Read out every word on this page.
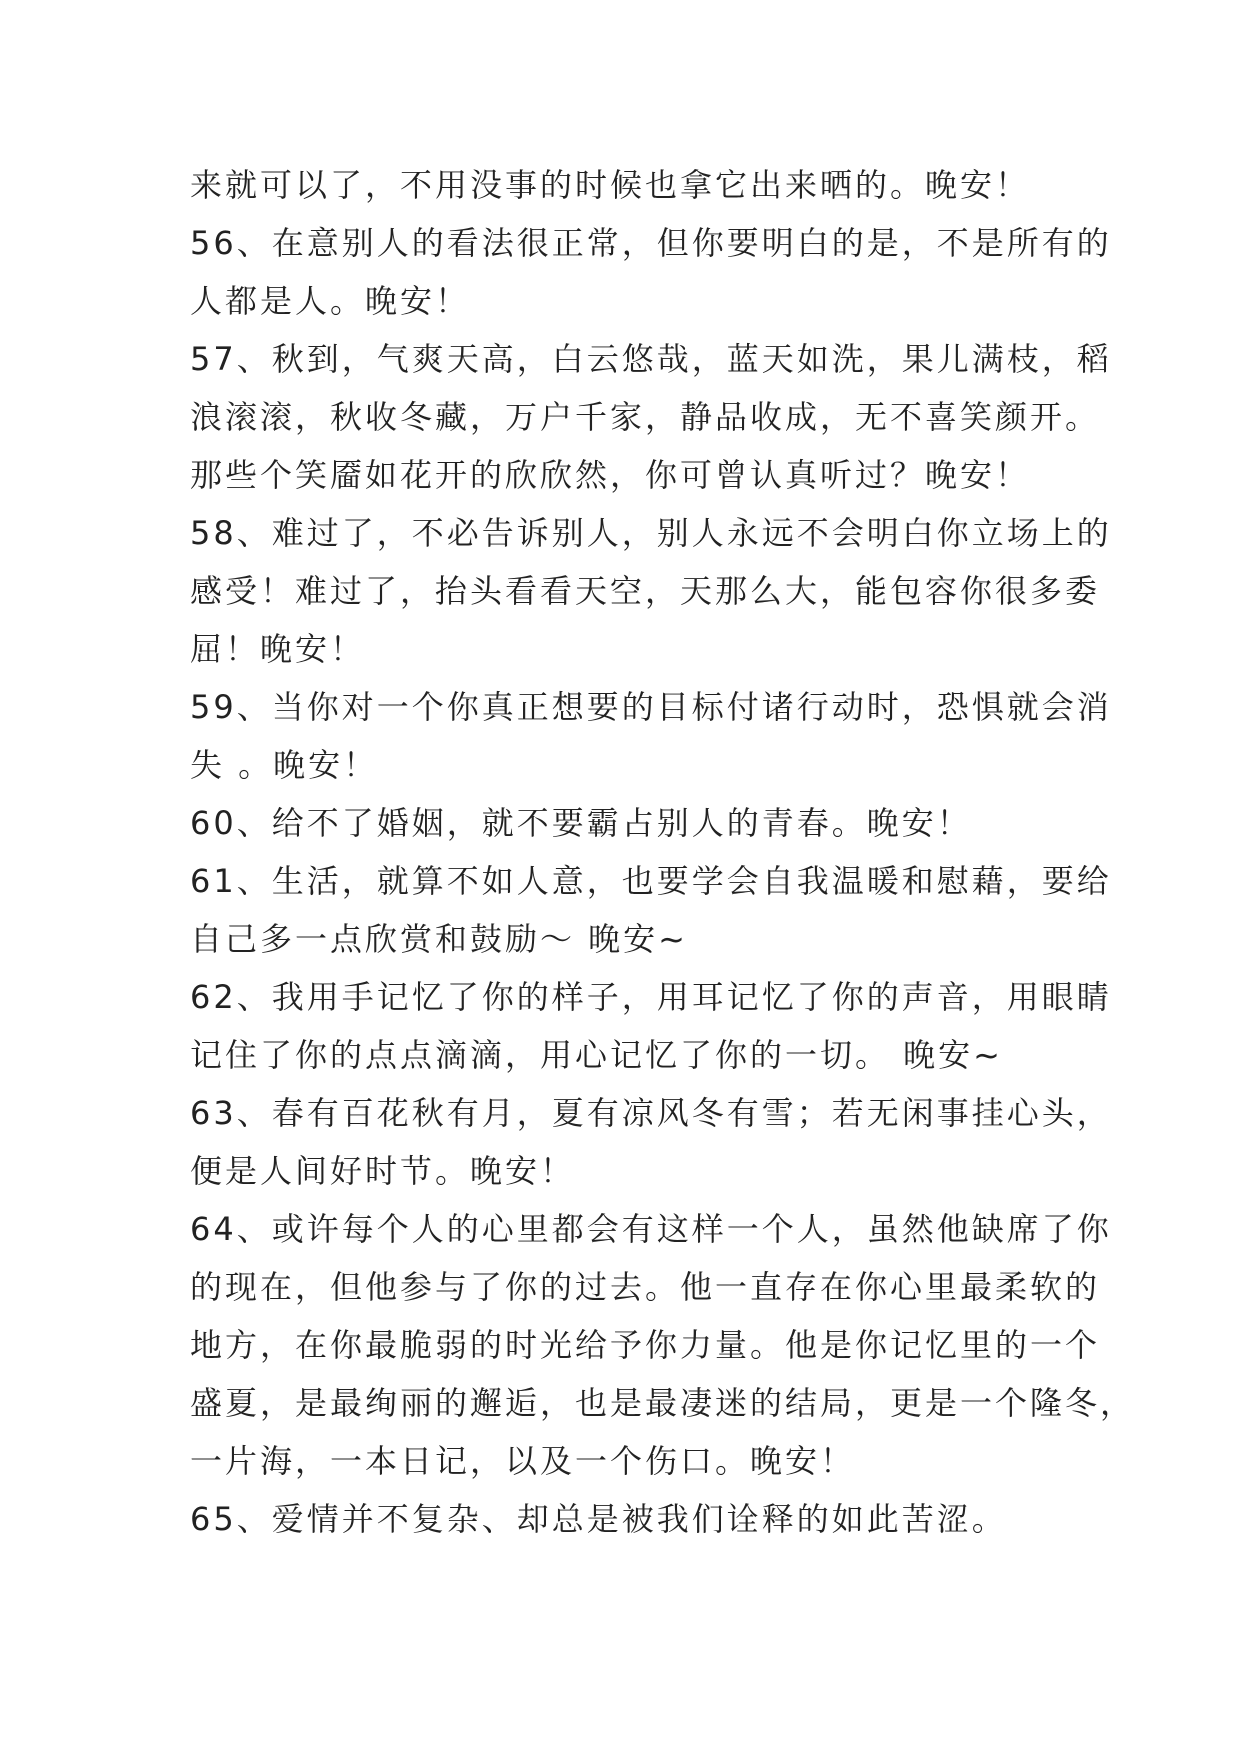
来就可以了，不用没事的时候也拿它出来晒的。晚安！
56、在意别人的看法很正常，但你要明白的是，不是所有的
人都是人。晚安！
57、秋到，气爽天高，白云悠哉，蓝天如洗，果儿满枝，稻
浪滚滚，秋收冬藏，万户千家，静品收成，无不喜笑颜开。
那些个笑靥如花开的欣欣然，你可曾认真听过？晚安！
58、难过了，不必告诉别人，别人永远不会明白你立场上的
感受！难过了，抬头看看天空，天那么大，能包容你很多委
屈！晚安！
59、当你对一个你真正想要的目标付诸行动时，恐惧就会消
失 。晚安！
60、给不了婚姻，就不要霸占别人的青春。晚安！
61、生活，就算不如人意，也要学会自我温暖和慰藉，要给
自己多一点欣赏和鼓励～ 晚安~
62、我用手记忆了你的样子，用耳记忆了你的声音，用眼睛
记住了你的点点滴滴，用心记忆了你的一切。 晚安~
63、春有百花秋有月，夏有凉风冬有雪；若无闲事挂心头，
便是人间好时节。晚安！
64、或许每个人的心里都会有这样一个人，虽然他缺席了你
的现在，但他参与了你的过去。他一直存在你心里最柔软的
地方，在你最脆弱的时光给予你力量。他是你记忆里的一个
盛夏，是最绚丽的邂逅，也是最凄迷的结局，更是一个隆冬，
一片海，一本日记，以及一个伤口。晚安！
65、爱情并不复杂、却总是被我们诠释的如此苦涩。
